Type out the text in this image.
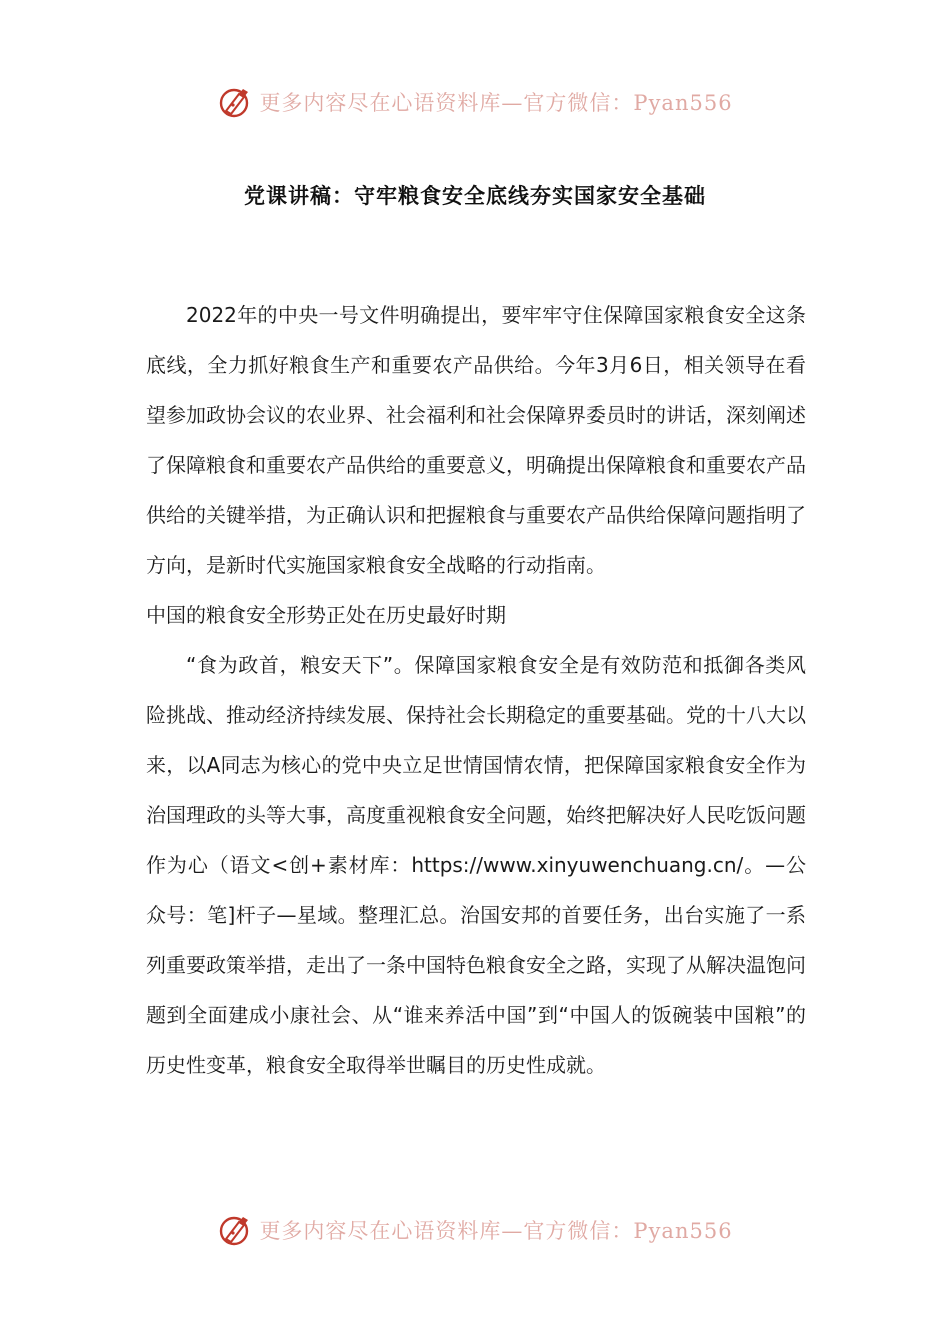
更多内容尽在心语资料库—官方微信：Pyan556
党课讲稿：守牢粮食安全底线夯实国家安全基础

2022年的中央一号文件明确提出，要牢牢守住保障国家粮食安全这条底线，全力抓好粮食生产和重要农产品供给。今年3月6日，相关领导在看望参加政协会议的农业界、社会福利和社会保障界委员时的讲话，深刻阐述了保障粮食和重要农产品供给的重要意义，明确提出保障粮食和重要农产品供给的关键举措，为正确认识和把握粮食与重要农产品供给保障问题指明了方向，是新时代实施国家粮食安全战略的行动指南。

中国的粮食安全形势正处在历史最好时期

“食为政首，粮安天下”。保障国家粮食安全是有效防范和抵御各类风险挑战、推动经济持续发展、保持社会长期稳定的重要基础。党的十八大以来，以A同志为核心的党中央立足世情国情农情，把保障国家粮食安全作为治国理政的头等大事，高度重视粮食安全问题，始终把解决好人民吃饭问题作为心（语文<创+素材库：https://www.xinyuwenchuang.cn/。—公众号：笔]杆子—星域。整理汇总。治国安邦的首要任务，出台实施了一系列重要政策举措，走出了一条中国特色粮食安全之路，实现了从解决温饱问题到全面建成小康社会、从“谁来养活中国”到“中国人的饭碗装中国粮”的历史性变革，粮食安全取得举世瞩目的历史性成就。

更多内容尽在心语资料库—官方微信：Pyan556
